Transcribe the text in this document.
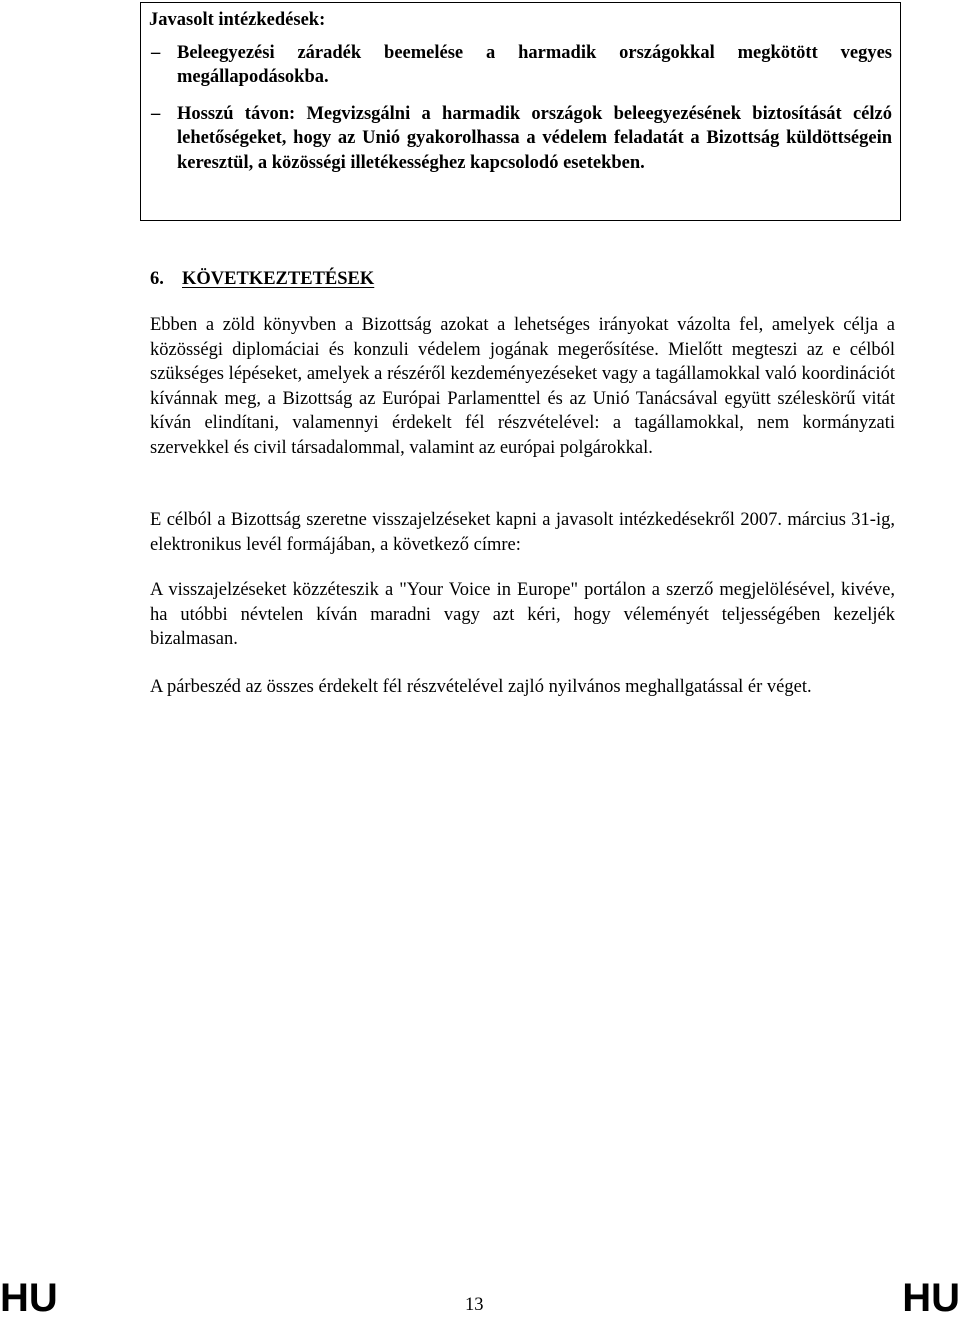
Javasolt intézkedések:
– Beleegyezési záradék beemelése a harmadik országokkal megkötött vegyes megállapodásokba.
– Hosszú távon: Megvizsgálni a harmadik országok beleegyezésének biztosítását célzó lehetőségeket, hogy az Unió gyakorolhassa a védelem feladatát a Bizottság küldöttségein keresztül, a közösségi illetékességhez kapcsolodó esetekben.
6. KÖVETKEZTETÉSEK

Ebben a zöld könyvben a Bizottság azokat a lehetséges irányokat vázolta fel, amelyek célja a közösségi diplomáciai és konzuli védelem jogának megerősítése. Mielőtt megteszi az e célból szükséges lépéseket, amelyek a részéről kezdeményezéseket vagy a tagállamokkal való koordinációt kívánnak meg, a Bizottság az Európai Parlamenttel és az Unió Tanácsával együtt széleskörű vitát kíván elindítani, valamennyi érdekelt fél részvételével: a tagállamokkal, nem kormányzati szervekkel és civil társadalommal, valamint az európai polgárokkal.

E célból a Bizottság szeretne visszajelzéseket kapni a javasolt intézkedésekről 2007. március 31-ig, elektronikus levél formájában, a következő címre:

A visszajelzéseket közzéteszik a "Your Voice in Europe" portálon a szerző megjelölésével, kivéve, ha utóbbi névtelen kíván maradni vagy azt kéri, hogy véleményét teljességében kezeljék bizalmasan.

A párbeszéd az összes érdekelt fél részvételével zajló nyilvános meghallgatással ér véget.

HU	13	HU
